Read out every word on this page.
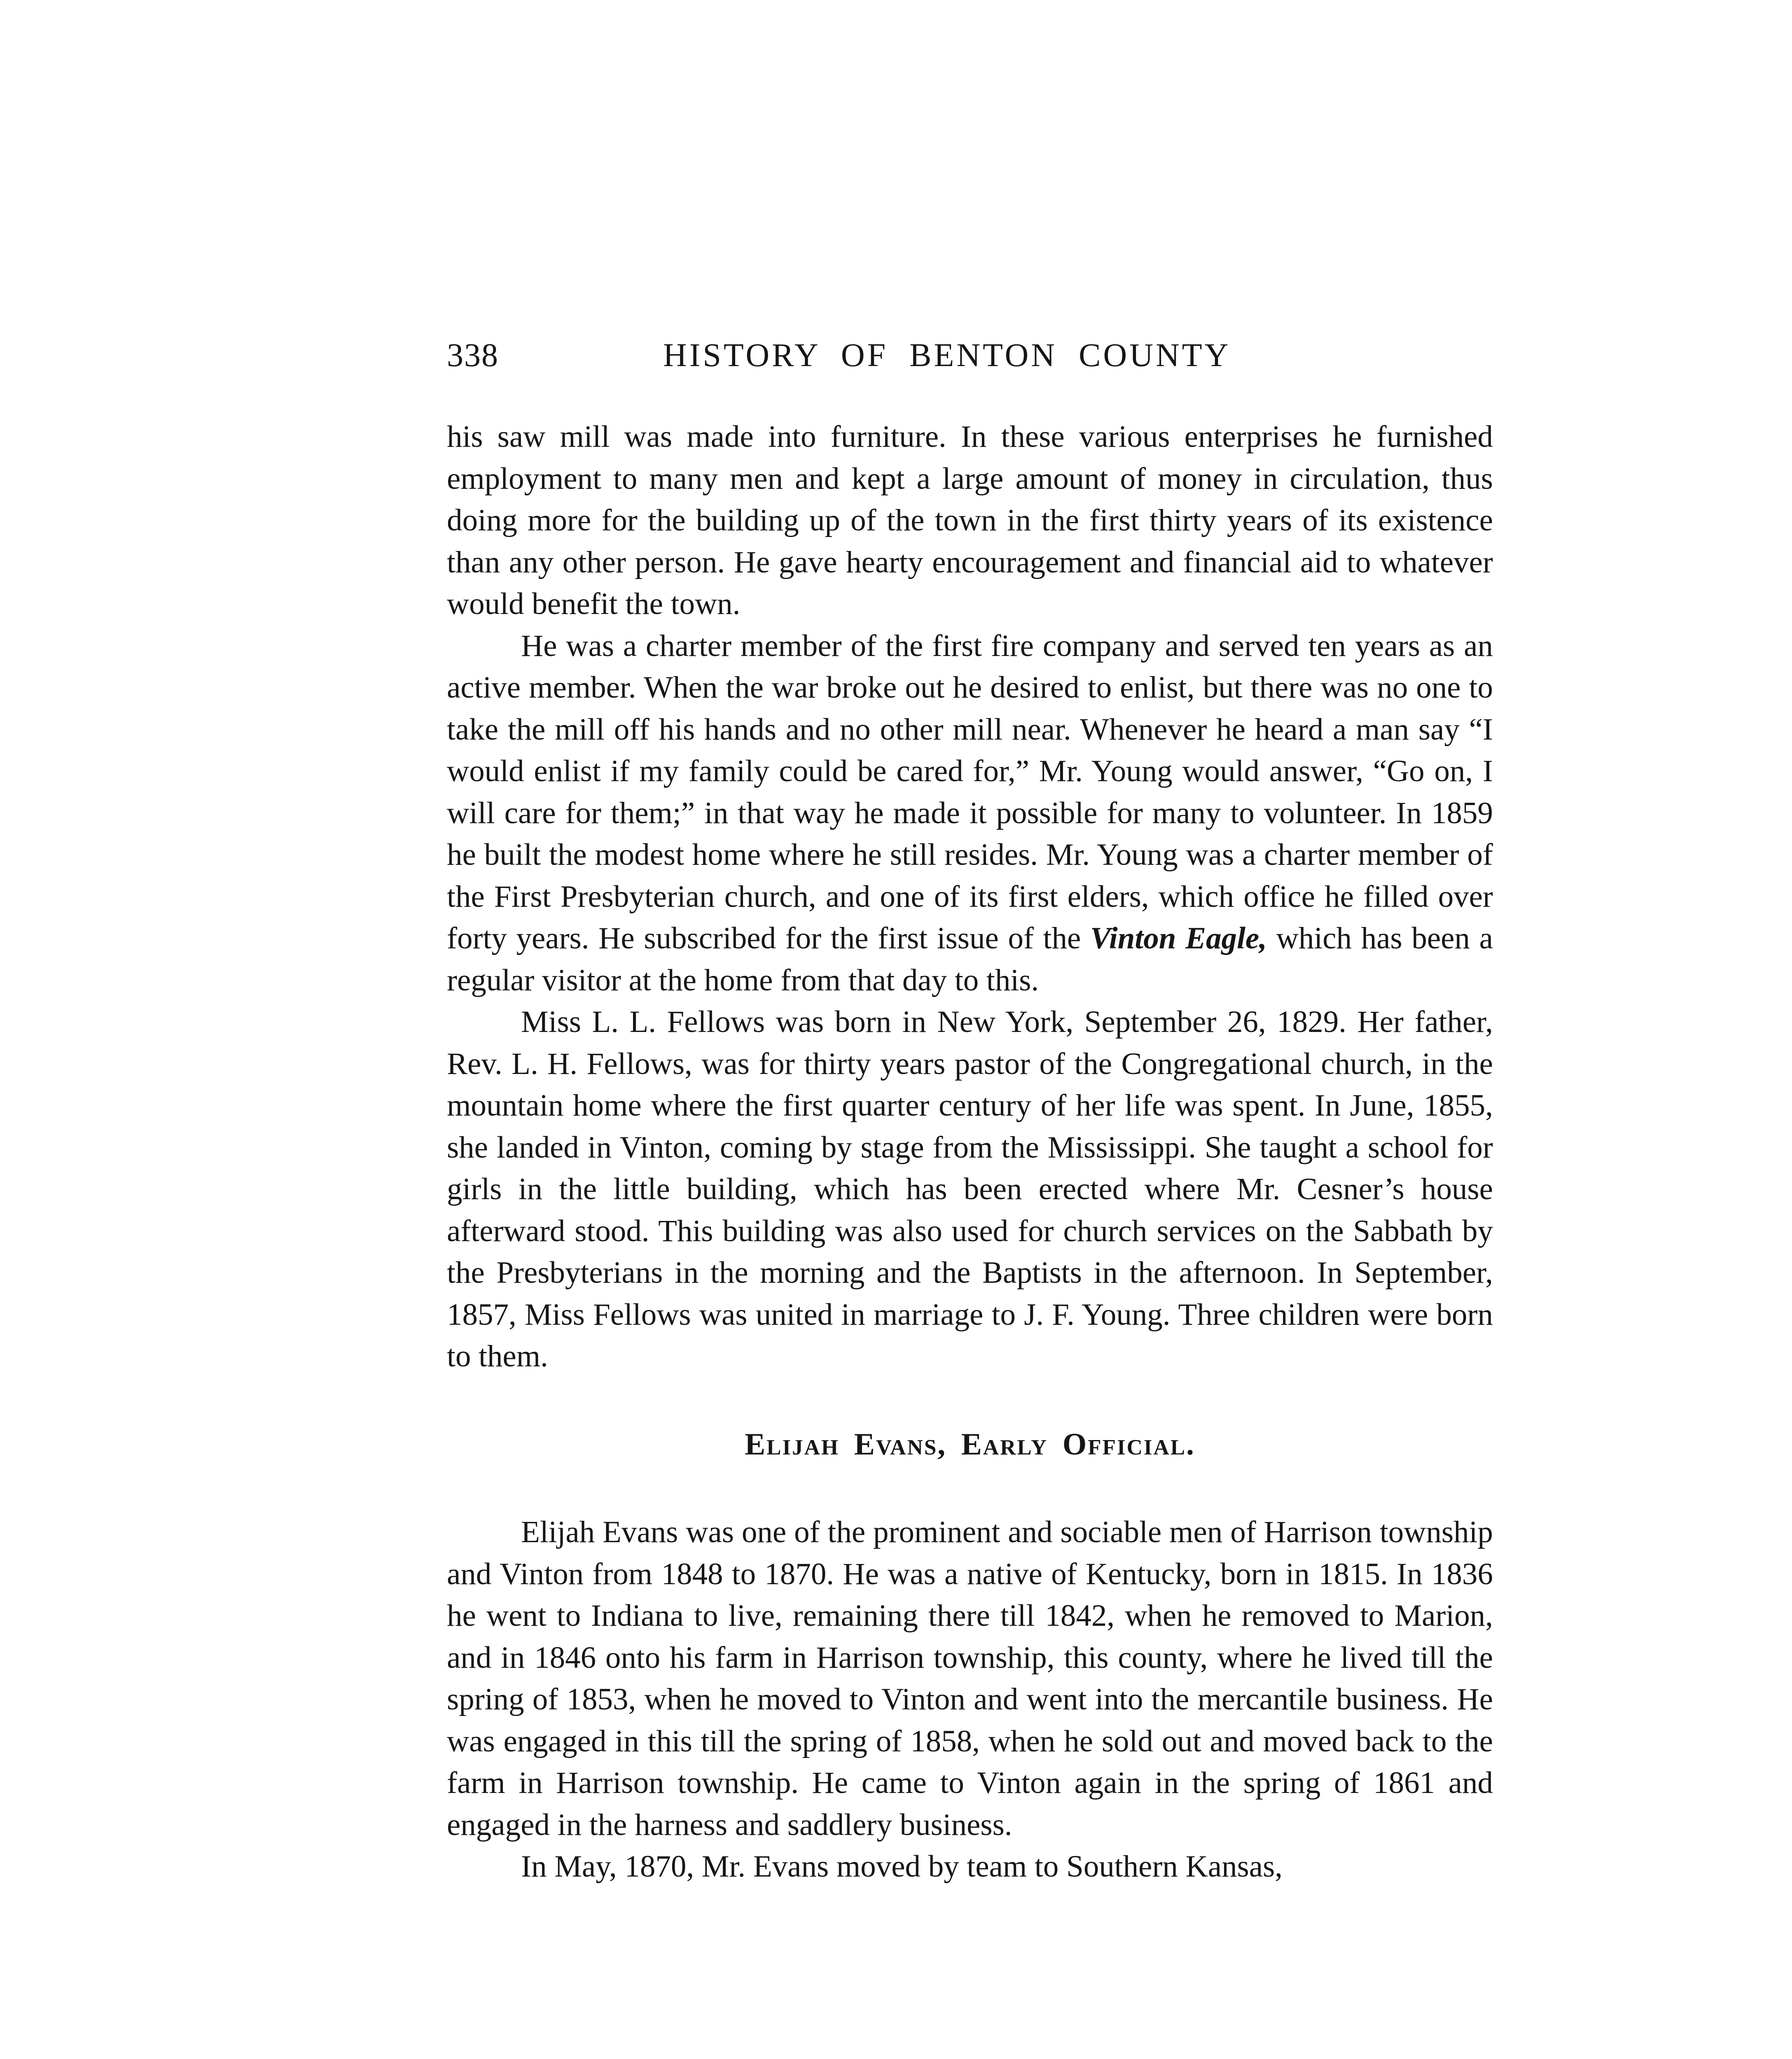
338	HISTORY OF BENTON COUNTY

his saw mill was made into furniture. In these various enterprises he furnished employment to many men and kept a large amount of money in circulation, thus doing more for the building up of the town in the first thirty years of its existence than any other person. He gave hearty encouragement and financial aid to whatever would benefit the town.

He was a charter member of the first fire company and served ten years as an active member. When the war broke out he desired to enlist, but there was no one to take the mill off his hands and no other mill near. Whenever he heard a man say “I would enlist if my family could be cared for,” Mr. Young would answer, “Go on, I will care for them;” in that way he made it possible for many to volunteer. In 1859 he built the modest home where he still resides. Mr. Young was a charter member of the First Presbyterian church, and one of its first elders, which office he filled over forty years. He subscribed for the first issue of the Vinton Eagle, which has been a regular visitor at the home from that day to this.

Miss L. L. Fellows was born in New York, September 26, 1829. Her father, Rev. L. H. Fellows, was for thirty years pastor of the Congregational church, in the mountain home where the first quarter century of her life was spent. In June, 1855, she landed in Vinton, coming by stage from the Mississippi. She taught a school for girls in the little building, which has been erected where Mr. Cesner’s house afterward stood. This building was also used for church services on the Sabbath by the Presbyterians in the morning and the Baptists in the afternoon. In September, 1857, Miss Fellows was united in marriage to J. F. Young. Three children were born to them.

Elijah Evans, Early Official.

Elijah Evans was one of the prominent and sociable men of Harrison township and Vinton from 1848 to 1870. He was a native of Kentucky, born in 1815. In 1836 he went to Indiana to live, remaining there till 1842, when he removed to Marion, and in 1846 onto his farm in Harrison township, this county, where he lived till the spring of 1853, when he moved to Vinton and went into the mercantile business. He was engaged in this till the spring of 1858, when he sold out and moved back to the farm in Harrison township. He came to Vinton again in the spring of 1861 and engaged in the harness and saddlery business.

In May, 1870, Mr. Evans moved by team to Southern Kansas,
